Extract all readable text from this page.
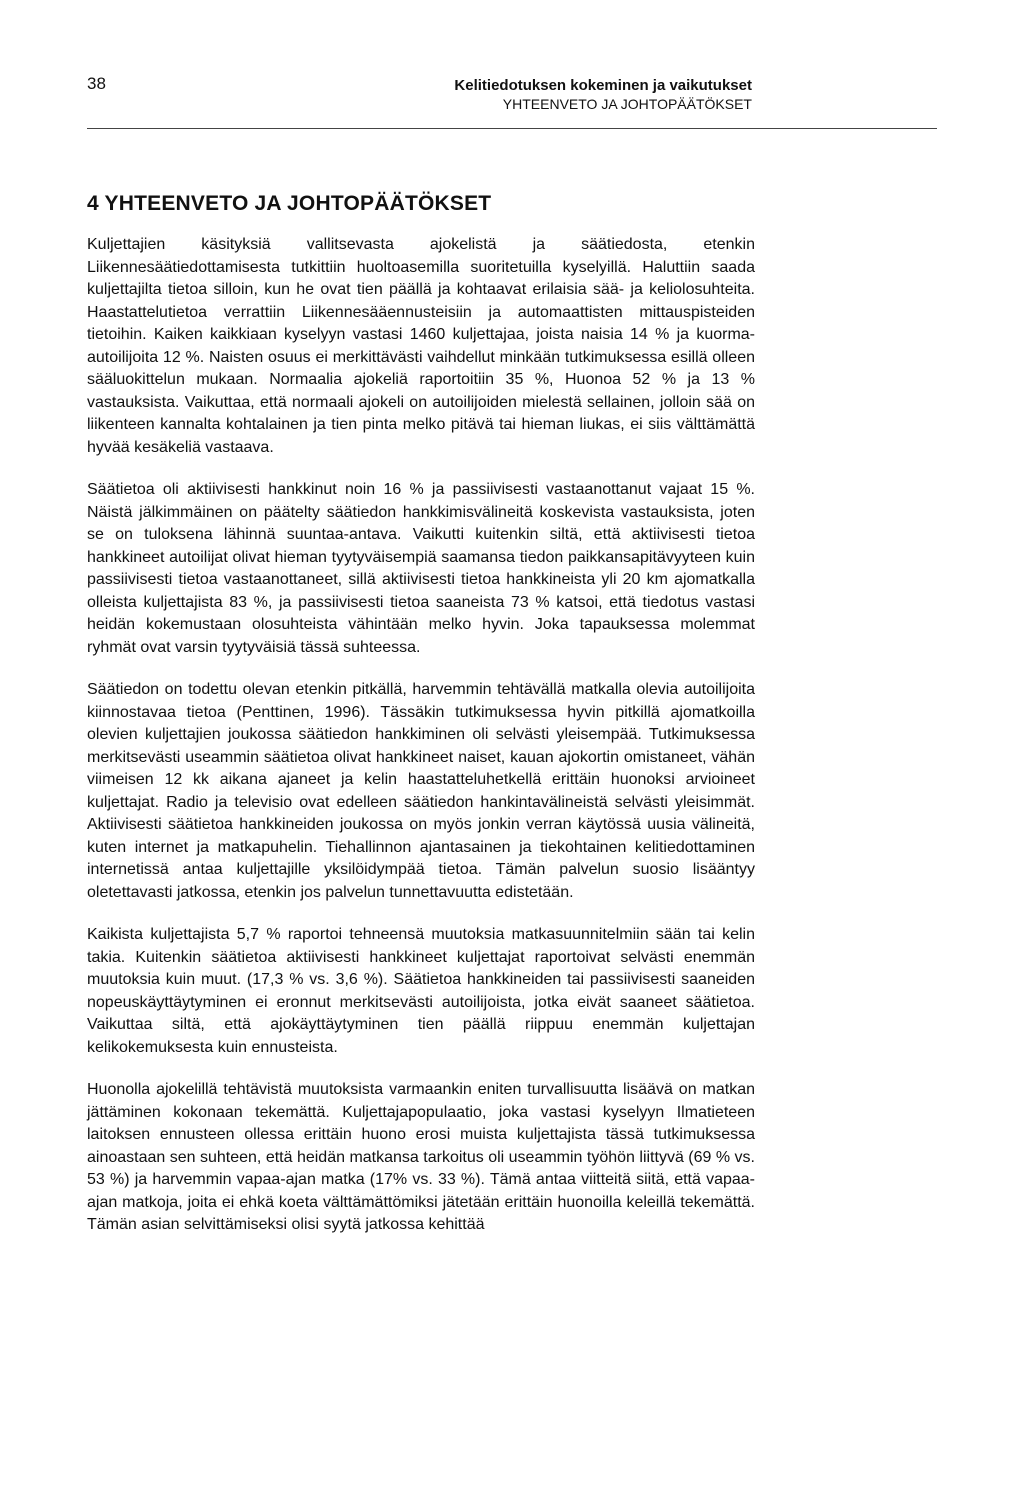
38	Kelitiedotuksen kokeminen ja vaikutukset
YHTEENVETO JA JOHTOPÄÄTÖKSET
4 YHTEENVETO JA JOHTOPÄÄTÖKSET

Kuljettajien käsityksiä vallitsevasta ajokelistä ja säätiedosta, etenkin Liikennesäätiedottamisesta tutkittiin huoltoasemilla suoritetuilla kyselyillä. Haluttiin saada kuljettajilta tietoa silloin, kun he ovat tien päällä ja kohtaavat erilaisia sää- ja keliolosuhteita. Haastattelutietoa verrattiin Liikennesääennusteisiin ja automaattisten mittauspisteiden tietoihin. Kaiken kaikkiaan kyselyyn vastasi 1460 kuljettajaa, joista naisia 14 % ja kuorma-autoilijoita 12 %. Naisten osuus ei merkittävästi vaihdellut minkään tutkimuksessa esillä olleen sääluokittelun mukaan. Normaalia ajokeliä raportoitiin 35 %, Huonoa 52 % ja 13 % vastauksista. Vaikuttaa, että normaali ajokeli on autoilijoiden mielestä sellainen, jolloin sää on liikenteen kannalta kohtalainen ja tien pinta melko pitävä tai hieman liukas, ei siis välttämättä hyvää kesäkeliä vastaava.

Säätietoa oli aktiivisesti hankkinut noin 16 % ja passiivisesti vastaanottanut vajaat 15 %. Näistä jälkimmäinen on päätelty säätiedon hankkimisvälineitä koskevista vastauksista, joten se on tuloksena lähinnä suuntaa-antava. Vaikutti kuitenkin siltä, että aktiivisesti tietoa hankkineet autoilijat olivat hieman tyytyväisempiä saamansa tiedon paikkansapitävyyteen kuin passiivisesti tietoa vastaanottaneet, sillä aktiivisesti tietoa hankkineista yli 20 km ajomatkalla olleista kuljettajista 83 %, ja passiivisesti tietoa saaneista 73 % katsoi, että tiedotus vastasi heidän kokemustaan olosuhteista vähintään melko hyvin. Joka tapauksessa molemmat ryhmät ovat varsin tyytyväisiä tässä suhteessa.

Säätiedon on todettu olevan etenkin pitkällä, harvemmin tehtävällä matkalla olevia autoilijoita kiinnostavaa tietoa (Penttinen, 1996). Tässäkin tutkimuksessa hyvin pitkillä ajomatkoilla olevien kuljettajien joukossa säätiedon hankkiminen oli selvästi yleisempää. Tutkimuksessa merkitsevästi useammin säätietoa olivat hankkineet naiset, kauan ajokortin omistaneet, vähän viimeisen 12 kk aikana ajaneet ja kelin haastatteluhetkellä erittäin huonoksi arvioineet kuljettajat. Radio ja televisio ovat edelleen säätiedon hankintavälineistä selvästi yleisimmät. Aktiivisesti säätietoa hankkineiden joukossa on myös jonkin verran käytössä uusia välineitä, kuten internet ja matkapuhelin. Tiehallinnon ajantasainen ja tiekohtainen kelitiedottaminen internetissä antaa kuljettajille yksilöidympää tietoa. Tämän palvelun suosio lisääntyy oletettavasti jatkossa, etenkin jos palvelun tunnettavuutta edistetään.

Kaikista kuljettajista 5,7 % raportoi tehneensä muutoksia matkasuunnitelmiin sään tai kelin takia. Kuitenkin säätietoa aktiivisesti hankkineet kuljettajat raportoivat selvästi enemmän muutoksia kuin muut. (17,3 % vs. 3,6 %). Säätietoa hankkineiden tai passiivisesti saaneiden nopeuskäyttäytyminen ei eronnut merkitsevästi autoilijoista, jotka eivät saaneet säätietoa. Vaikuttaa siltä, että ajokäyttäytyminen tien päällä riippuu enemmän kuljettajan kelikokemuksesta kuin ennusteista.

Huonolla ajokelillä tehtävistä muutoksista varmaankin eniten turvallisuutta lisäävä on matkan jättäminen kokonaan tekemättä. Kuljettajapopulaatio, joka vastasi kyselyyn Ilmatieteen laitoksen ennusteen ollessa erittäin huono erosi muista kuljettajista tässä tutkimuksessa ainoastaan sen suhteen, että heidän matkansa tarkoitus oli useammin työhön liittyvä (69 % vs. 53 %) ja harvemmin vapaa-ajan matka (17% vs. 33 %). Tämä antaa viitteitä siitä, että vapaa-ajan matkoja, joita ei ehkä koeta välttämättömiksi jätetään erittäin huonoilla keleillä tekemättä. Tämän asian selvittämiseksi olisi syytä jatkossa kehittää
